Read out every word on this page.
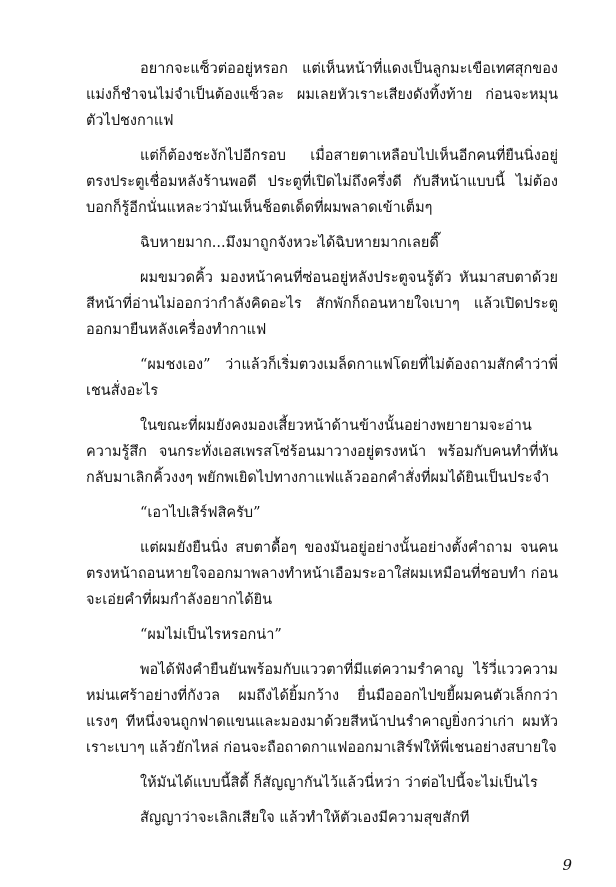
อยากจะแซ็วต่ออยู่หรอก แต่เห็นหน้าที่แดงเป็นลูกมะเขือเทศสุกของแม่งก็ชำจนไม่จำเป็นต้องแซ็วละ ผมเลยหัวเราะเสียงดังทิ้งท้าย ก่อนจะหมุนตัวไปชงกาแฟ

แต่ก็ต้องชะงักไปอีกรอบ เมื่อสายตาเหลือบไปเห็นอีกคนที่ยืนนิ่งอยู่ตรงประตูเชื่อมหลังร้านพอดี ประตูที่เปิดไม่ถึงครึ่งดี กับสีหน้าแบบนี้ ไม่ต้องบอกก็รู้อีกนั่นแหละว่ามันเห็นช็อตเด็ดที่ผมพลาดเข้าเต็มๆ

ฉิบหายมาก...มึงมาถูกจังหวะได้ฉิบหายมากเลยดี๊

ผมขมวดคิ้ว มองหน้าคนที่ซ่อนอยู่หลังประตูจนรู้ตัว หันมาสบตาด้วยสีหน้าที่อ่านไม่ออกว่ากำลังคิดอะไร สักพักก็ถอนหายใจเบาๆ แล้วเปิดประตูออกมายืนหลังเครื่องทำกาแฟ

“ผมชงเอง” ว่าแล้วก็เริ่มตวงเมล็ดกาแฟโดยที่ไม่ต้องถามสักคำว่าพี่เชนสั่งอะไร

ในขณะที่ผมยังคงมองเสี้ยวหน้าด้านข้างนั้นอย่างพยายามจะอ่านความรู้สึก จนกระทั่งเอสเพรสโซ่ร้อนมาวางอยู่ตรงหน้า พร้อมกับคนทำที่หันกลับมาเลิกคิ้วงงๆ พยักพเยิดไปทางกาแฟแล้วออกคำสั่งที่ผมได้ยินเป็นประจำ

“เอาไปเสิร์ฟสิครับ”

แต่ผมยังยืนนิ่ง สบตาดื้อๆ ของมันอยู่อย่างนั้นอย่างตั้งคำถาม จนคนตรงหน้าถอนหายใจออกมาพลางทำหน้าเอือมระอาใส่ผมเหมือนที่ชอบทำ ก่อนจะเอ่ยคำที่ผมกำลังอยากได้ยิน

“ผมไม่เป็นไรหรอกน่า”

พอได้ฟังคำยืนยันพร้อมกับแววตาที่มีแต่ความรำคาญ ไร้วี่แววความหม่นเศร้าอย่างที่กังวล ผมถึงได้ยิ้มกว้าง ยื่นมือออกไปขยี้ผมคนตัวเล็กกว่าแรงๆ ทีหนึ่งจนถูกฟาดแขนและมองมาด้วยสีหน้าปนรำคาญยิ่งกว่าเก่า ผมหัวเราะเบาๆ แล้วยักไหล่ ก่อนจะถือถาดกาแฟออกมาเสิร์ฟให้พี่เชนอย่างสบายใจ

ให้มันได้แบบนี้สิดี้ ก็สัญญากันไว้แล้วนี่หว่า ว่าต่อไปนี้จะไม่เป็นไร

สัญญาว่าจะเลิกเสียใจ แล้วทำให้ตัวเองมีความสุขสักที

9
